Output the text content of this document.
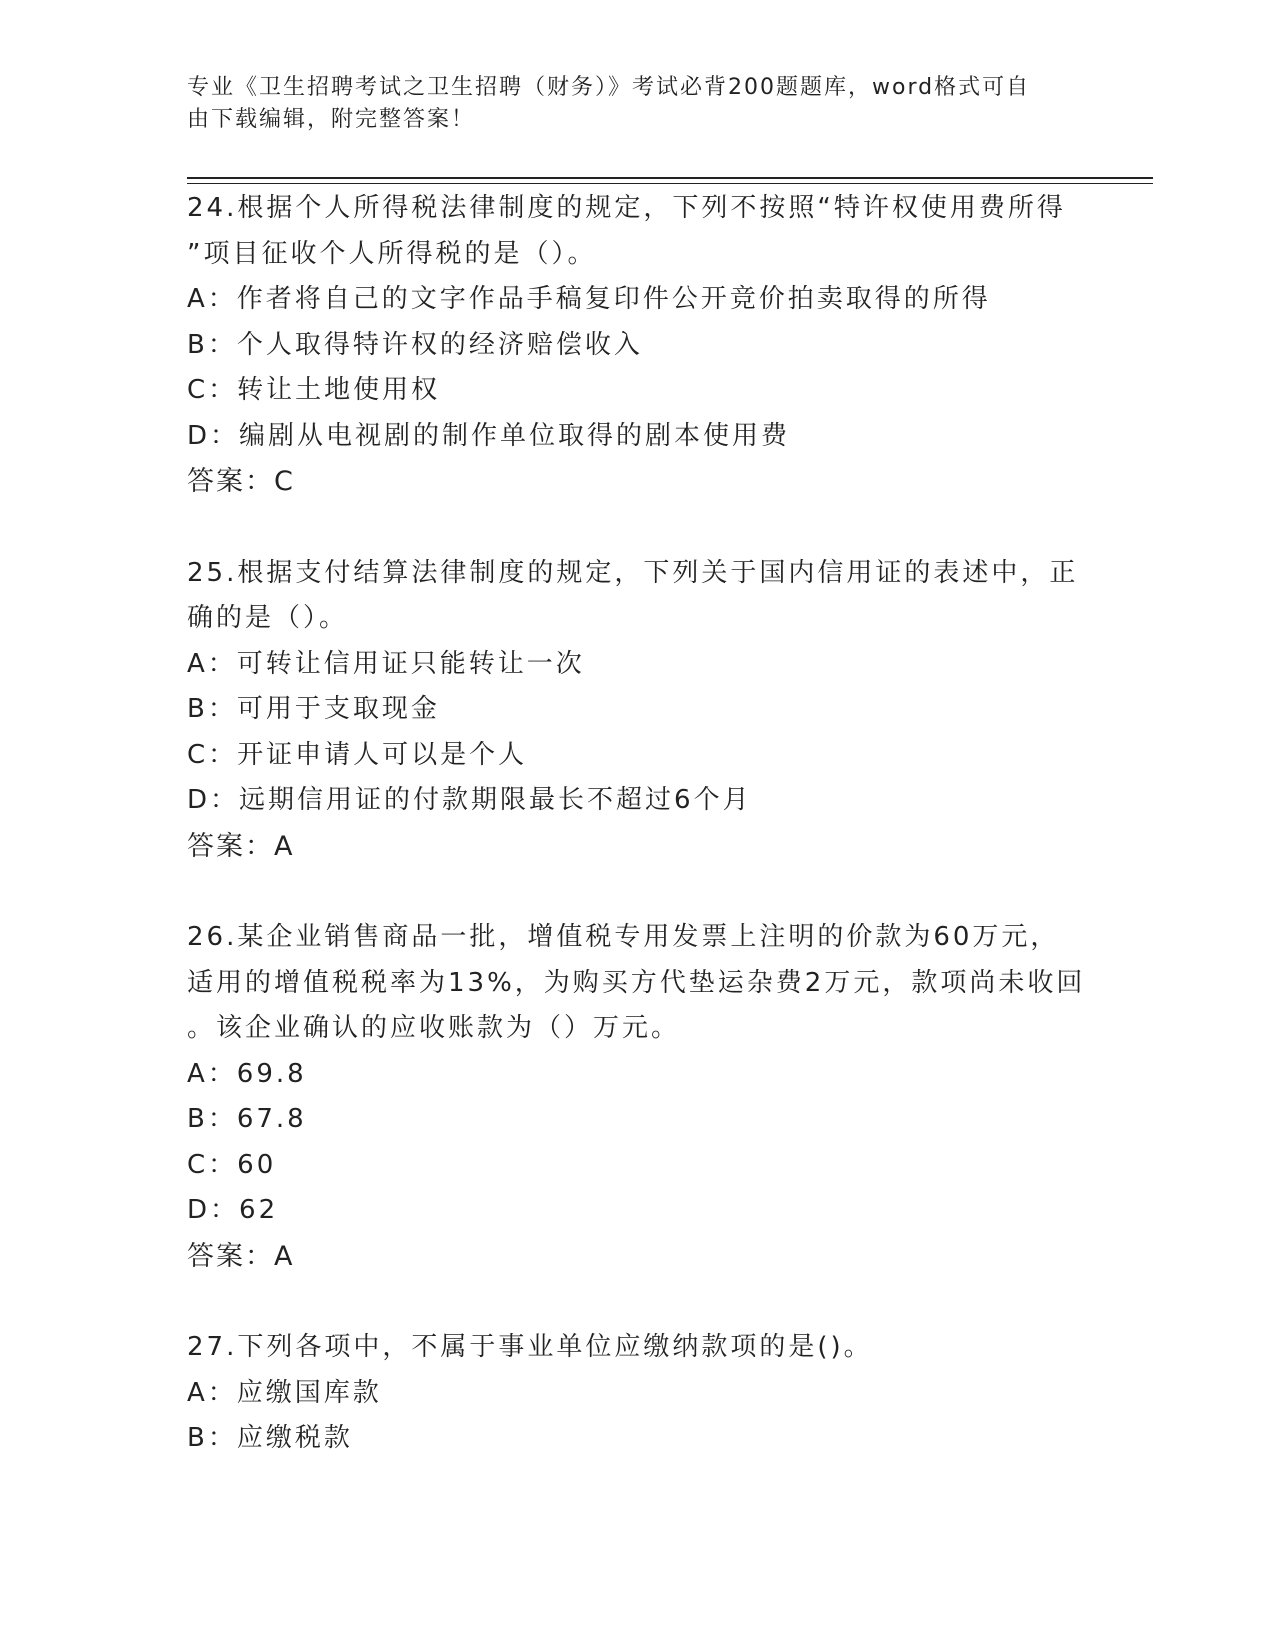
专业《卫生招聘考试之卫生招聘（财务）》考试必背200题题库，word格式可自
由下载编辑，附完整答案！
24.根据个人所得税法律制度的规定，下列不按照“特许权使用费所得
”项目征收个人所得税的是（）。
A：作者将自己的文字作品手稿复印件公开竞价拍卖取得的所得
B：个人取得特许权的经济赔偿收入
C：转让土地使用权
D：编剧从电视剧的制作单位取得的剧本使用费
答案：C
25.根据支付结算法律制度的规定，下列关于国内信用证的表述中，正
确的是（）。
A：可转让信用证只能转让一次
B：可用于支取现金
C：开证申请人可以是个人
D：远期信用证的付款期限最长不超过6个月
答案：A
26.某企业销售商品一批，增值税专用发票上注明的价款为60万元，
适用的增值税税率为13%，为购买方代垫运杂费2万元，款项尚未收回
。该企业确认的应收账款为（）万元。
A：69.8
B：67.8
C：60
D：62
答案：A
27.下列各项中，不属于事业单位应缴纳款项的是()。
A：应缴国库款
B：应缴税款
